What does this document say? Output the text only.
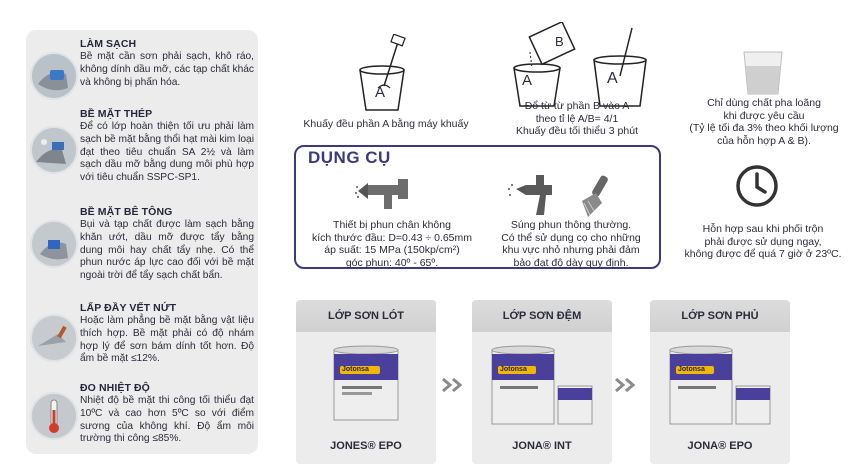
LÀM SẠCH
Bề mặt cần sơn phải sạch, khô ráo, không dính dầu mỡ, các tạp chất khác và không bị phấn hóa.
BỀ MẶT THÉP
Để có lớp hoàn thiện tối ưu phải làm sạch bề mặt bằng thổi hạt mài kim loại đạt theo tiêu chuẩn SA 2½ và làm sạch dầu mỡ bằng dung môi phù hợp với tiêu chuẩn SSPC-SP1.
BỀ MẶT BÊ TÔNG
Bụi và tạp chất được làm sạch bằng khăn ướt, dầu mỡ được tẩy bằng dung môi hay chất tẩy nhẹ. Có thể phun nước áp lực cao đối với bề mặt ngoài trời để tẩy sạch chất bẩn.
LẤP ĐẦY VẾT NỨT
Hoặc làm phẳng bề mặt bằng vật liệu thích hợp. Bề mặt phải có độ nhám hợp lý để sơn bám dính tốt hơn. Độ ẩm bề mặt ≤12%.
ĐO NHIỆT ĐỘ
Nhiệt độ bề mặt thi công tối thiểu đạt 10ºC và cao hơn 5ºC so với điểm sương của không khí. Độ ẩm môi trường thi công ≤85%.
A
A
B
A
Khuấy đều phần A bằng máy khuấy
Đổ từ từ phần B vào A
theo tỉ lệ A/B= 4/1
Khuấy đều tối thiểu 3 phút
Chỉ dùng chất pha loãng
khi được yêu cầu
(Tỷ lệ tối đa 3% theo khối lượng
của hỗn hợp A & B).
Hỗn hợp sau khi phối trộn
phải được sử dụng ngay,
không được để quá 7 giờ ở 23ºC.
DỤNG CỤ
Thiết bị phun chân không
kích thước đầu: D=0.43 ÷ 0.65mm
áp suất: 15 MPa (150kp/cm²)
góc phun: 40º - 65º.
Súng phun thông thường.
Có thể sử dụng cọ cho những
khu vực nhỏ nhưng phải đảm
bảo đạt độ dày quy định.
LỚP SƠN LÓT
Jotonsa
JONES® EPO
LỚP SƠN ĐỆM
Jotonsa
JONA® INT
LỚP SƠN PHỦ
Jotonsa
JONA® EPO
